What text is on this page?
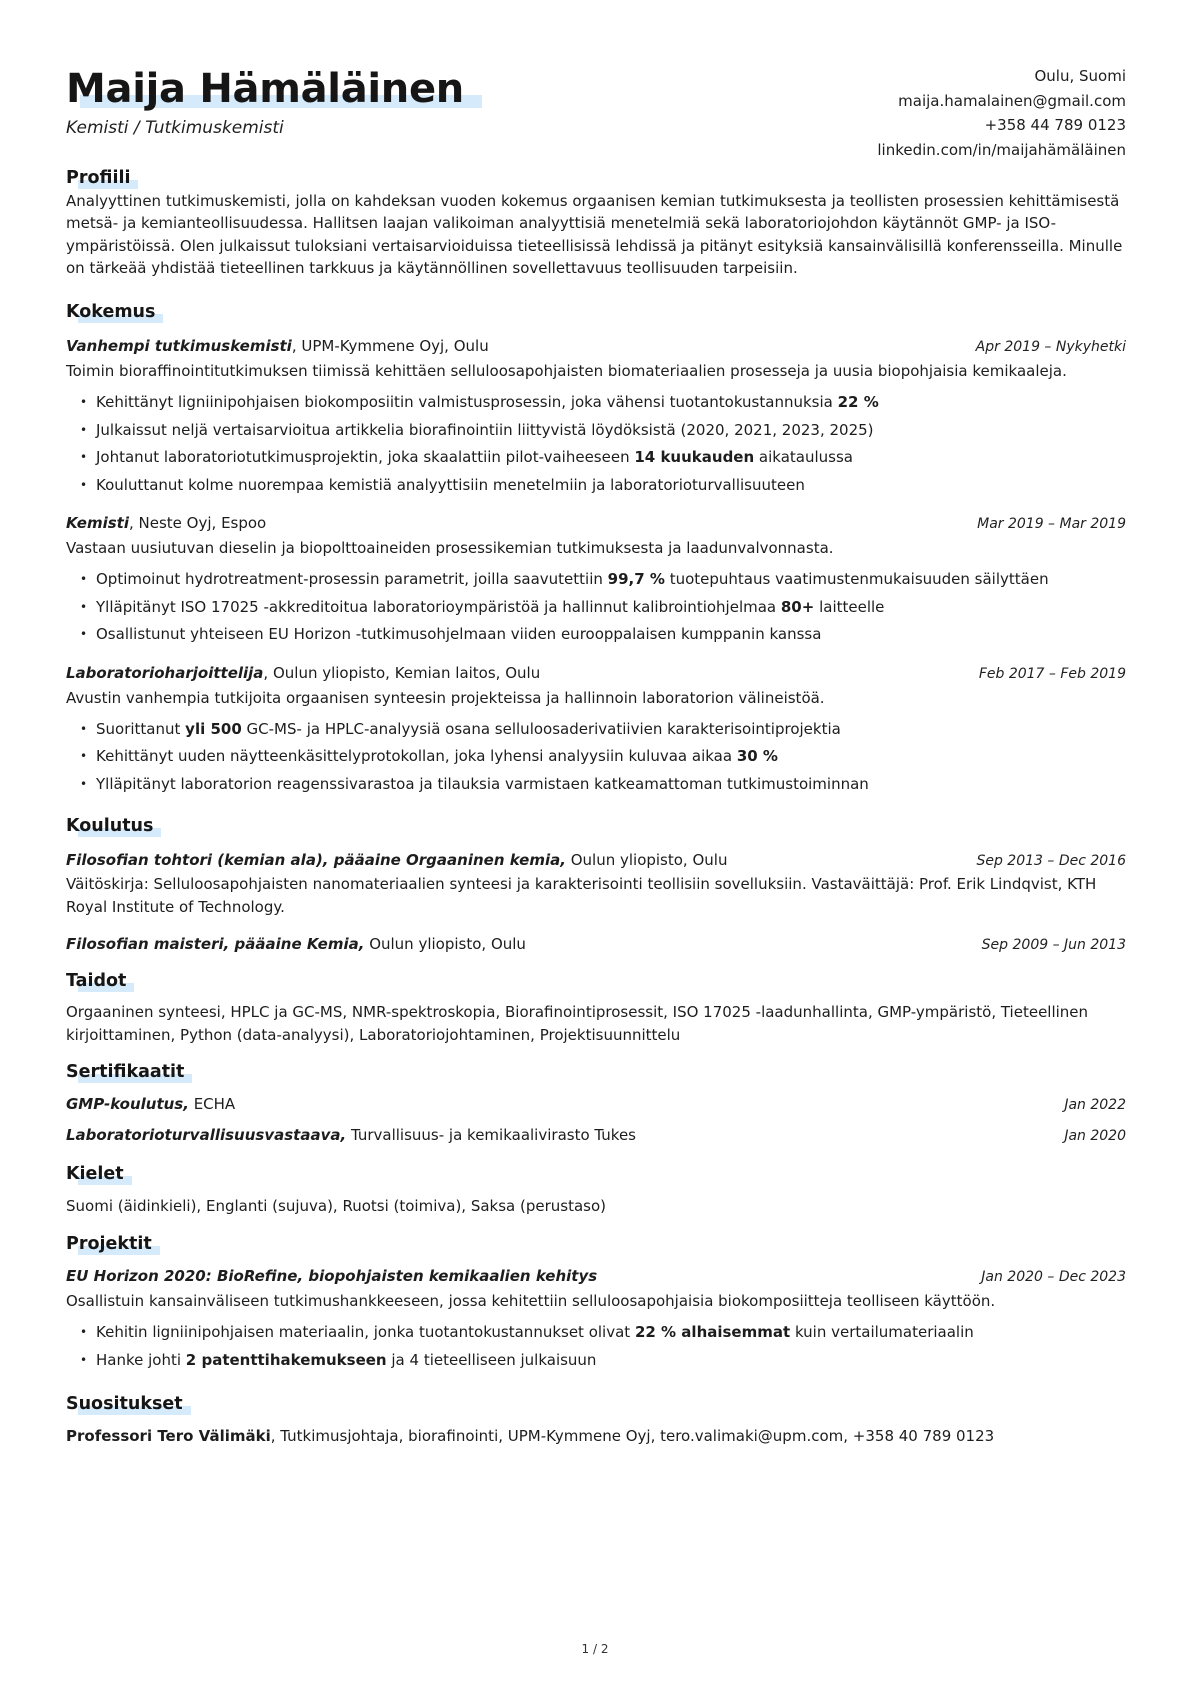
Maija Hämäläinen
Kemisti / Tutkimuskemisti
Oulu, Suomi
maija.hamalainen@gmail.com
+358 44 789 0123
linkedin.com/in/maijahämäläinen
Profiili

Analyyttinen tutkimuskemisti, jolla on kahdeksan vuoden kokemus orgaanisen kemian tutkimuksesta ja teollisten prosessien kehittämisestä metsä- ja kemianteollisuudessa. Hallitsen laajan valikoiman analyyttisiä menetelmiä sekä laboratoriojohdon käytännöt GMP- ja ISO-ympäristöissä. Olen julkaissut tuloksiani vertaisarvioiduissa tieteellisissä lehdissä ja pitänyt esityksiä kansainvälisillä konferensseilla. Minulle on tärkeää yhdistää tieteellinen tarkkuus ja käytännöllinen sovellettavuus teollisuuden tarpeisiin.

Kokemus
Vanhempi tutkimuskemisti, UPM-Kymmene Oyj, Oulu	Apr 2019 – Nykyhetki
Toimin bioraffinointitutkimuksen tiimissä kehittäen selluloosapohjaisten biomateriaalien prosesseja ja uusia biopohjaisia kemikaaleja.
• Kehittänyt ligniinipohjaisen biokomposiitin valmistusprosessin, joka vähensi tuotantokustannuksia 22 %
• Julkaissut neljä vertaisarvioitua artikkelia biorafinointiin liittyvistä löydöksistä (2020, 2021, 2023, 2025)
• Johtanut laboratoriotutkimusprojektin, joka skaalattiin pilot-vaiheeseen 14 kuukauden aikataulussa
• Kouluttanut kolme nuorempaa kemistiä analyyttisiin menetelmiin ja laboratorioturvallisuuteen
Kemisti, Neste Oyj, Espoo	Mar 2019 – Mar 2019
Vastaan uusiutuvan dieselin ja biopolttoaineiden prosessikemian tutkimuksesta ja laadunvalvonnasta.
• Optimoinut hydrotreatment-prosessin parametrit, joilla saavutettiin 99,7 % tuotepuhtaus vaatimustenmukaisuuden säilyttäen
• Ylläpitänyt ISO 17025 -akkreditoitua laboratorioympäristöä ja hallinnut kalibrointiohjelmaa 80+ laitteelle
• Osallistunut yhteiseen EU Horizon -tutkimusohjelmaan viiden eurooppalaisen kumppanin kanssa
Laboratorioharjoittelija, Oulun yliopisto, Kemian laitos, Oulu	Feb 2017 – Feb 2019
Avustin vanhempia tutkijoita orgaanisen synteesin projekteissa ja hallinnoin laboratorion välineistöä.
• Suorittanut yli 500 GC-MS- ja HPLC-analyysiä osana selluloosaderivatiivien karakterisointiprojektia
• Kehittänyt uuden näytteenkäsittelyprotokollan, joka lyhensi analyysiin kuluvaa aikaa 30 %
• Ylläpitänyt laboratorion reagenssivarastoa ja tilauksia varmistaen katkeamattoman tutkimustoiminnan
Koulutus
Filosofian tohtori (kemian ala), pääaine Orgaaninen kemia, Oulun yliopisto, Oulu	Sep 2013 – Dec 2016
Väitöskirja: Selluloosapohjaisten nanomateriaalien synteesi ja karakterisointi teollisiin sovelluksiin. Vastaväittäjä: Prof. Erik Lindqvist, KTH Royal Institute of Technology.
Filosofian maisteri, pääaine Kemia, Oulun yliopisto, Oulu	Sep 2009 – Jun 2013
Taidot

Orgaaninen synteesi, HPLC ja GC-MS, NMR-spektroskopia, Biorafinointiprosessit, ISO 17025 -laadunhallinta, GMP-ympäristö, Tieteellinen kirjoittaminen, Python (data-analyysi), Laboratoriojohtaminen, Projektisuunnittelu

Sertifikaatit
GMP-koulutus, ECHA	Jan 2022
Laboratorioturvallisuusvastaava, Turvallisuus- ja kemikaalivirasto Tukes	Jan 2020
Kielet

Suomi (äidinkieli), Englanti (sujuva), Ruotsi (toimiva), Saksa (perustaso)

Projektit
EU Horizon 2020: BioRefine, biopohjaisten kemikaalien kehitys	Jan 2020 – Dec 2023
Osallistuin kansainväliseen tutkimushankkeeseen, jossa kehitettiin selluloosapohjaisia biokomposiitteja teolliseen käyttöön.
• Kehitin ligniinipohjaisen materiaalin, jonka tuotantokustannukset olivat 22 % alhaisemmat kuin vertailumateriaalin
• Hanke johti 2 patenttihakemukseen ja 4 tieteelliseen julkaisuun
Suositukset
Professori Tero Välimäki, Tutkimusjohtaja, biorafinointi, UPM-Kymmene Oyj, tero.valimaki@upm.com, +358 40 789 0123
1 / 2
